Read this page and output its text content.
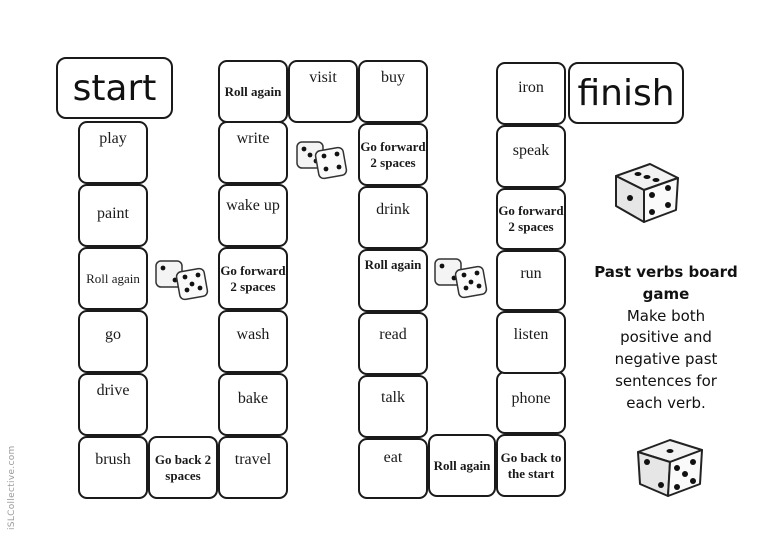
start	finish
play
paint
Roll again
go
drive
brush	Go back 2 spaces
travel
bake
wash
Go forward 2 spaces
wake up
write
Roll again
visit	buy
Go forward 2 spaces
drink
Roll again
read
talk
eat	Roll again
Go back to the start
phone
listen
run
Go forward 2 spaces
speak
iron
Past verbs board
game
Make both
positive and
negative past
sentences for
each verb.
iSLCollective.com
